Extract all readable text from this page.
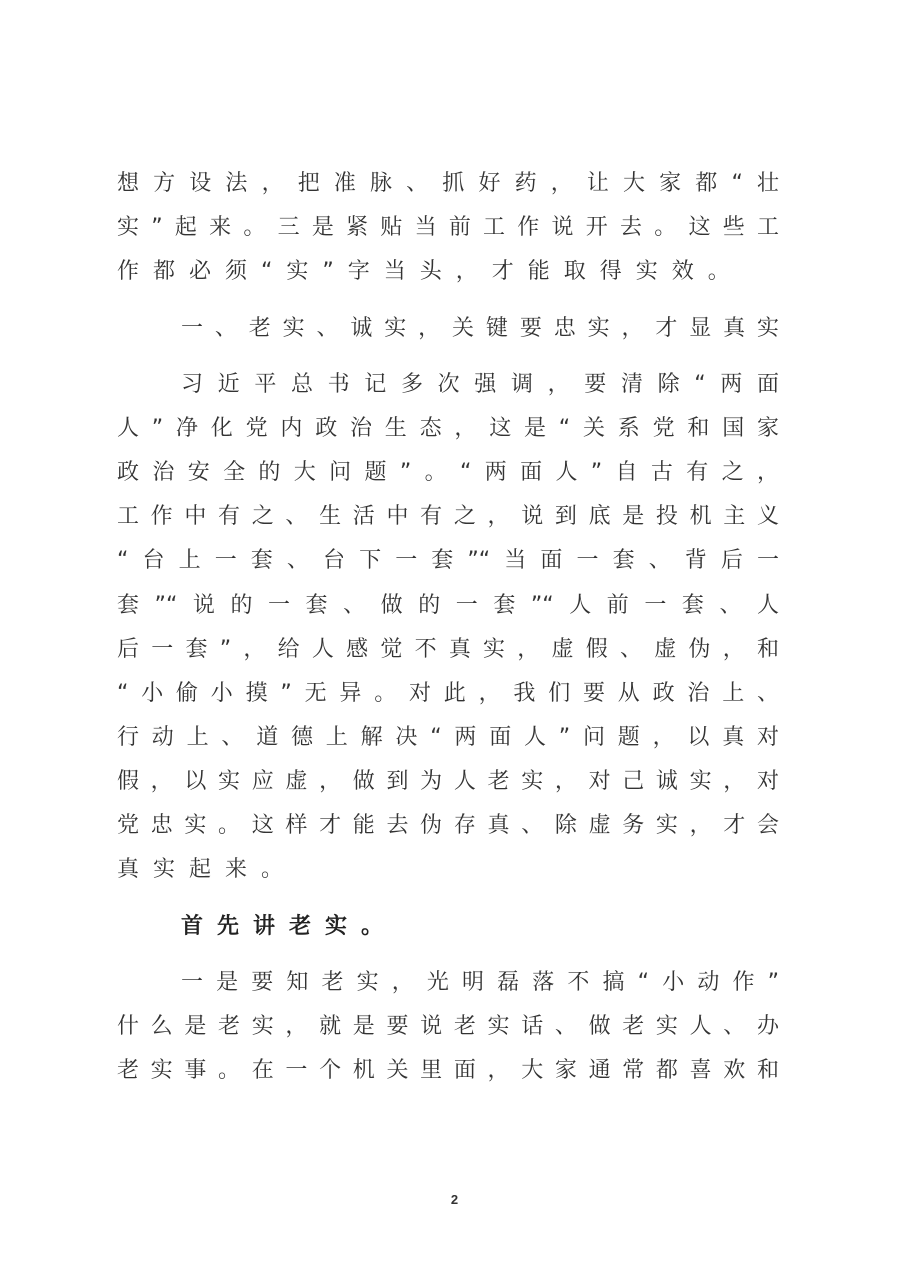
想方设法，把准脉、抓好药，让大家都“壮
实”起来。三是紧贴当前工作说开去。这些工
作都必须“实”字当头，才能取得实效。
一、老实、诚实，关键要忠实，才显真实
习近平总书记多次强调，要清除“两面
人”净化党内政治生态，这是“关系党和国家
政治安全的大问题”。“两面人”自古有之，
工作中有之、生活中有之，说到底是投机主义
“台上一套、台下一套”“当面一套、背后一
套”“说的一套、做的一套”“人前一套、人
后一套”，给人感觉不真实，虚假、虚伪，和
“小偷小摸”无异。对此，我们要从政治上、
行动上、道德上解决“两面人”问题，以真对
假，以实应虚，做到为人老实，对己诚实，对
党忠实。这样才能去伪存真、除虚务实，才会
真实起来。
首先讲老实。
一是要知老实，光明磊落不搞“小动作”
什么是老实，就是要说老实话、做老实人、办
老实事。在一个机关里面，大家通常都喜欢和
2
